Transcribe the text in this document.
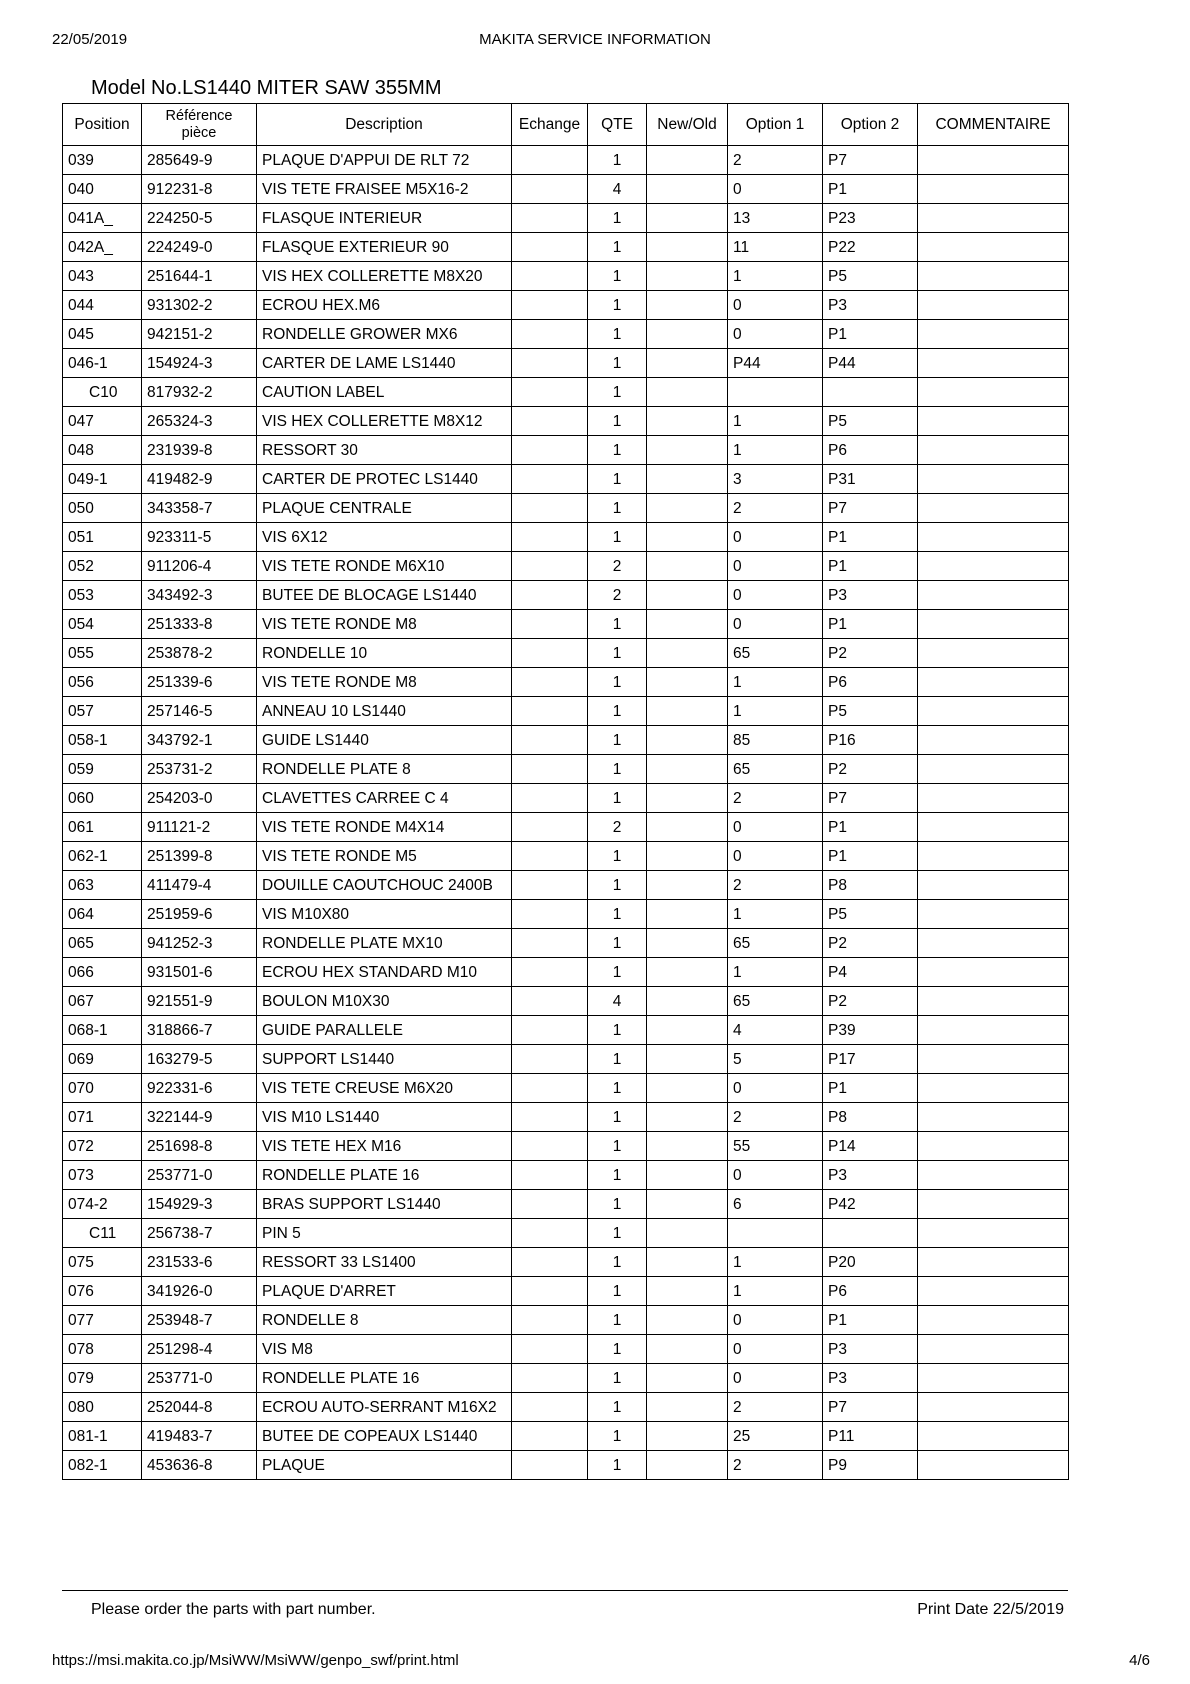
22/05/2019	MAKITA SERVICE INFORMATION
Model No.LS1440 MITER SAW 355MM
Position	Référence pièce	Description	Echange	QTE	New/Old	Option 1	Option 2	COMMENTAIRE
039	285649-9	PLAQUE D'APPUI DE RLT 72		1		2	P7	
040	912231-8	VIS TETE FRAISEE M5X16-2		4		0	P1	
041A_	224250-5	FLASQUE INTERIEUR		1		13	P23	
042A_	224249-0	FLASQUE EXTERIEUR 90		1		11	P22	
043	251644-1	VIS HEX COLLERETTE M8X20		1		1	P5	
044	931302-2	ECROU HEX.M6		1		0	P3	
045	942151-2	RONDELLE GROWER MX6		1		0	P1	
046-1	154924-3	CARTER DE LAME LS1440		1		P44	P44	
C10	817932-2	CAUTION LABEL		1				
047	265324-3	VIS HEX COLLERETTE M8X12		1		1	P5	
048	231939-8	RESSORT 30		1		1	P6	
049-1	419482-9	CARTER DE PROTEC LS1440		1		3	P31	
050	343358-7	PLAQUE CENTRALE		1		2	P7	
051	923311-5	VIS 6X12		1		0	P1	
052	911206-4	VIS TETE RONDE M6X10		2		0	P1	
053	343492-3	BUTEE DE BLOCAGE LS1440		2		0	P3	
054	251333-8	VIS TETE RONDE M8		1		0	P1	
055	253878-2	RONDELLE 10		1		65	P2	
056	251339-6	VIS TETE RONDE M8		1		1	P6	
057	257146-5	ANNEAU 10 LS1440		1		1	P5	
058-1	343792-1	GUIDE LS1440		1		85	P16	
059	253731-2	RONDELLE PLATE 8		1		65	P2	
060	254203-0	CLAVETTES CARREE C 4		1		2	P7	
061	911121-2	VIS TETE RONDE M4X14		2		0	P1	
062-1	251399-8	VIS TETE RONDE M5		1		0	P1	
063	411479-4	DOUILLE CAOUTCHOUC 2400B		1		2	P8	
064	251959-6	VIS M10X80		1		1	P5	
065	941252-3	RONDELLE PLATE MX10		1		65	P2	
066	931501-6	ECROU HEX STANDARD M10		1		1	P4	
067	921551-9	BOULON M10X30		4		65	P2	
068-1	318866-7	GUIDE PARALLELE		1		4	P39	
069	163279-5	SUPPORT LS1440		1		5	P17	
070	922331-6	VIS TETE CREUSE M6X20		1		0	P1	
071	322144-9	VIS M10 LS1440		1		2	P8	
072	251698-8	VIS TETE HEX M16		1		55	P14	
073	253771-0	RONDELLE PLATE 16		1		0	P3	
074-2	154929-3	BRAS SUPPORT LS1440		1		6	P42	
C11	256738-7	PIN 5		1				
075	231533-6	RESSORT 33 LS1400		1		1	P20	
076	341926-0	PLAQUE D'ARRET		1		1	P6	
077	253948-7	RONDELLE 8		1		0	P1	
078	251298-4	VIS M8		1		0	P3	
079	253771-0	RONDELLE PLATE 16		1		0	P3	
080	252044-8	ECROU AUTO-SERRANT M16X2		1		2	P7	
081-1	419483-7	BUTEE DE COPEAUX LS1440		1		25	P11	
082-1	453636-8	PLAQUE		1		2	P9	
Please order the parts with part number.	Print Date 22/5/2019
https://msi.makita.co.jp/MsiWW/MsiWW/genpo_swf/print.html	4/6
